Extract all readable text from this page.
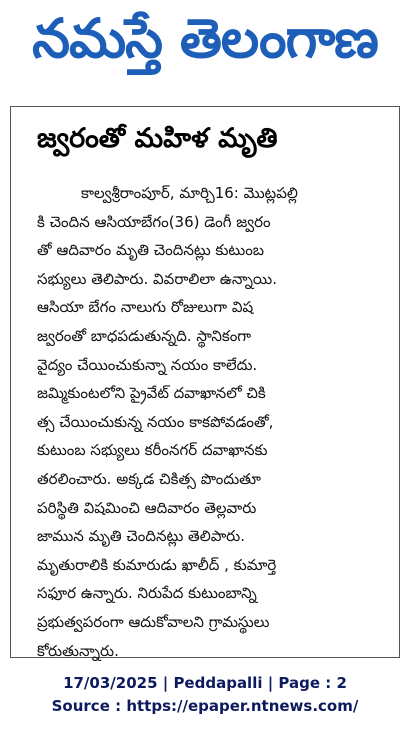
నమస్తే తెలంగాణ
జ్వరంతో మహిళ మృతి
కాల్వశ్రీరాంపూర్, మార్చి16: మొట్లపల్లి
కి చెందిన ఆసియాబేగం(36) డెంగీ జ్వరం
తో ఆదివారం మృతి చెందినట్లు కుటుంబ
సభ్యులు తెలిపారు. వివరాలిలా ఉన్నాయి.
ఆసియా బేగం నాలుగు రోజులుగా విష
జ్వరంతో బాధపడుతున్నది. స్థానికంగా
వైద్యం చేయించుకున్నా నయం కాలేదు.
జమ్మికుంటలోని ప్రైవేట్ దవాఖానలో చికి
త్స చేయించుకున్న నయం కాకపోవడంతో,
కుటుంబ సభ్యులు కరీంనగర్ దవాఖానకు
తరలించారు. అక్కడ చికిత్స పొందుతూ
పరిస్థితి విషమించి ఆదివారం తెల్లవారు
జామున మృతి చెందినట్లు తెలిపారు.
మృతురాలికి కుమారుడు ఖాలీద్ , కుమార్తె
సఫూర ఉన్నారు. నిరుపేద కుటుంబాన్ని
ప్రభుత్వపరంగా ఆదుకోవాలని గ్రామస్థులు
కోరుతున్నారు.
17/03/2025 | Peddapalli | Page : 2
Source : https://epaper.ntnews.com/
